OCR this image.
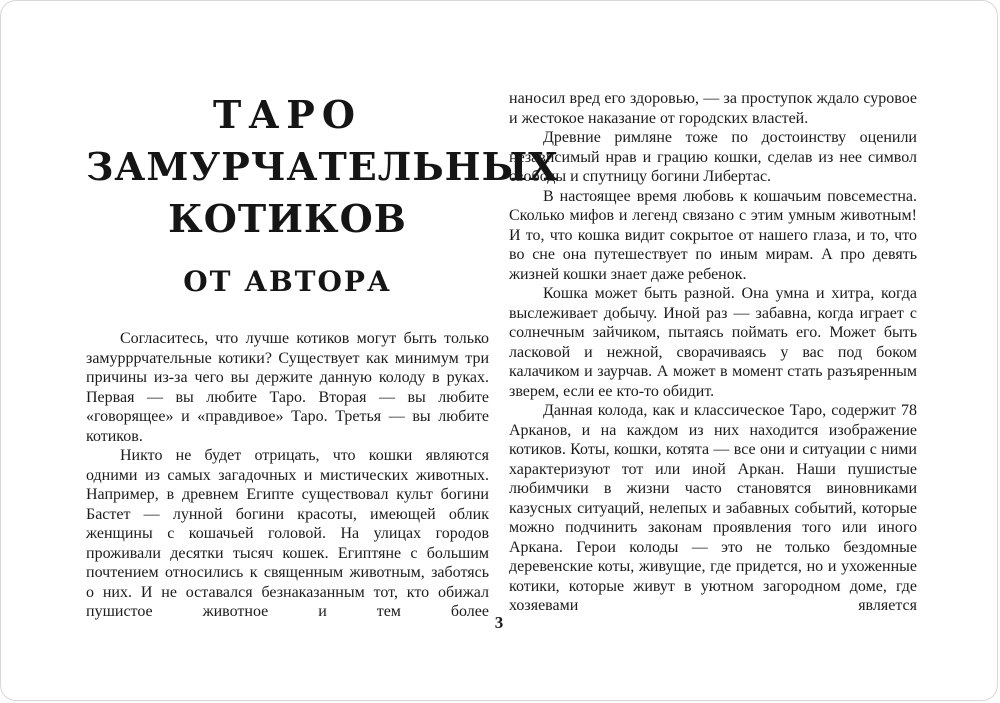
ТАРО
ЗАМУРЧАТЕЛЬНЫХ
КОТИКОВ
ОТ АВТОРА

Согласитесь, что лучше котиков могут быть только замурррчательные котики? Существует как минимум три причины из-за чего вы держите данную колоду в руках. Первая — вы любите Таро. Вторая — вы любите «говорящее» и «правдивое» Таро. Третья — вы любите котиков.

Никто не будет отрицать, что кошки являются одними из самых загадочных и мистических животных. Например, в древнем Египте существовал культ богини Бастет — лунной богини красоты, имеющей облик женщины с кошачьей головой. На улицах городов проживали десятки тысяч кошек. Египтяне с большим почтением относились к священным животным, заботясь о них. И не оставался безнаказанным тот, кто обижал пушистое животное и тем более

наносил вред его здоровью, — за проступок ждало суровое и жестокое наказание от городских властей.

Древние римляне тоже по достоинству оценили независимый нрав и грацию кошки, сделав из нее символ свободы и спутницу богини Либертас.

В настоящее время любовь к кошачьим повсеместна. Сколько мифов и легенд связано с этим умным животным! И то, что кошка видит сокрытое от нашего глаза, и то, что во сне она путешествует по иным мирам. А про девять жизней кошки знает даже ребенок.

Кошка может быть разной. Она умна и хитра, когда выслеживает добычу. Иной раз — забавна, когда играет с солнечным зайчиком, пытаясь поймать его. Может быть ласковой и нежной, сворачиваясь у вас под боком калачиком и заурчав. А может в момент стать разъяренным зверем, если ее кто-то обидит.

Данная колода, как и классическое Таро, содержит 78 Арканов, и на каждом из них находится изображение котиков. Коты, кошки, котята — все они и ситуации с ними характеризуют тот или иной Аркан. Наши пушистые любимчики в жизни часто становятся виновниками казусных ситуаций, нелепых и забавных событий, которые можно подчинить законам проявления того или иного Аркана. Герои колоды — это не только бездомные деревенские коты, живущие, где придется, но и ухоженные котики, которые живут в уютном загородном доме, где хозяевами является

3
